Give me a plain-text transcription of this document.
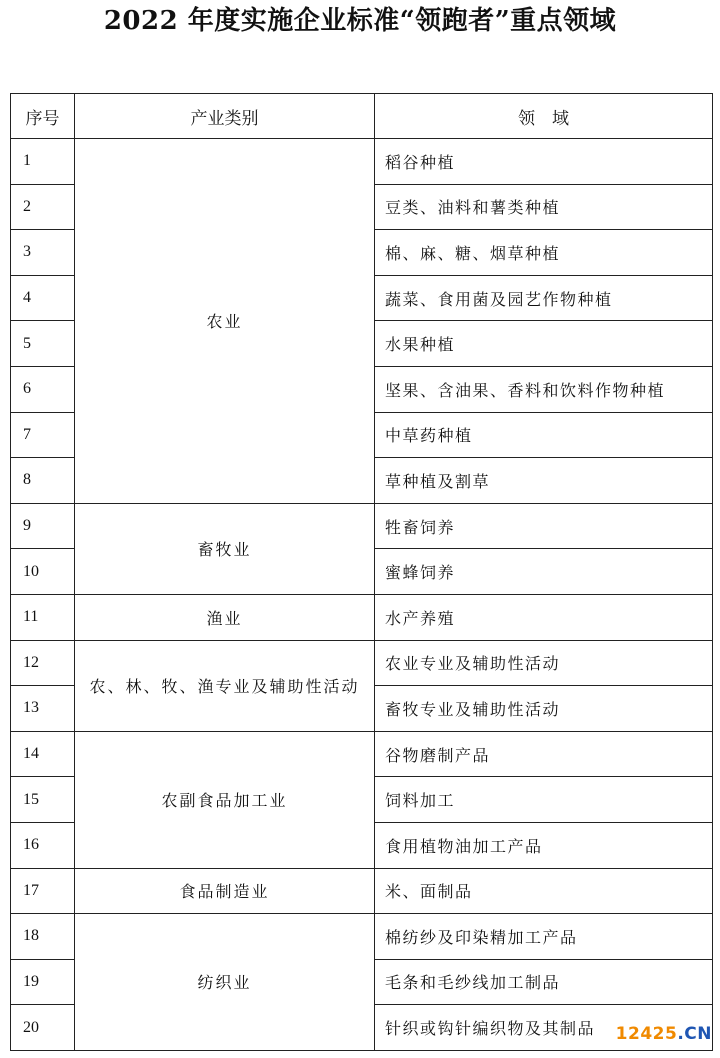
2022 年度实施企业标准“领跑者”重点领域
序号	产业类别	领　域
1	农业	稻谷种植
2		豆类、油料和薯类种植
3		棉、麻、糖、烟草种植
4		蔬菜、食用菌及园艺作物种植
5		水果种植
6		坚果、含油果、香料和饮料作物种植
7		中草药种植
8		草种植及割草
9	畜牧业	牲畜饲养
10		蜜蜂饲养
11	渔业	水产养殖
12	农、林、牧、渔专业及辅助性活动	农业专业及辅助性活动
13		畜牧专业及辅助性活动
14	农副食品加工业	谷物磨制产品
15		饲料加工
16		食用植物油加工产品
17	食品制造业	米、面制品
18	纺织业	棉纺纱及印染精加工产品
19		毛条和毛纱线加工制品
20		针织或钩针编织物及其制品 12425.CN
